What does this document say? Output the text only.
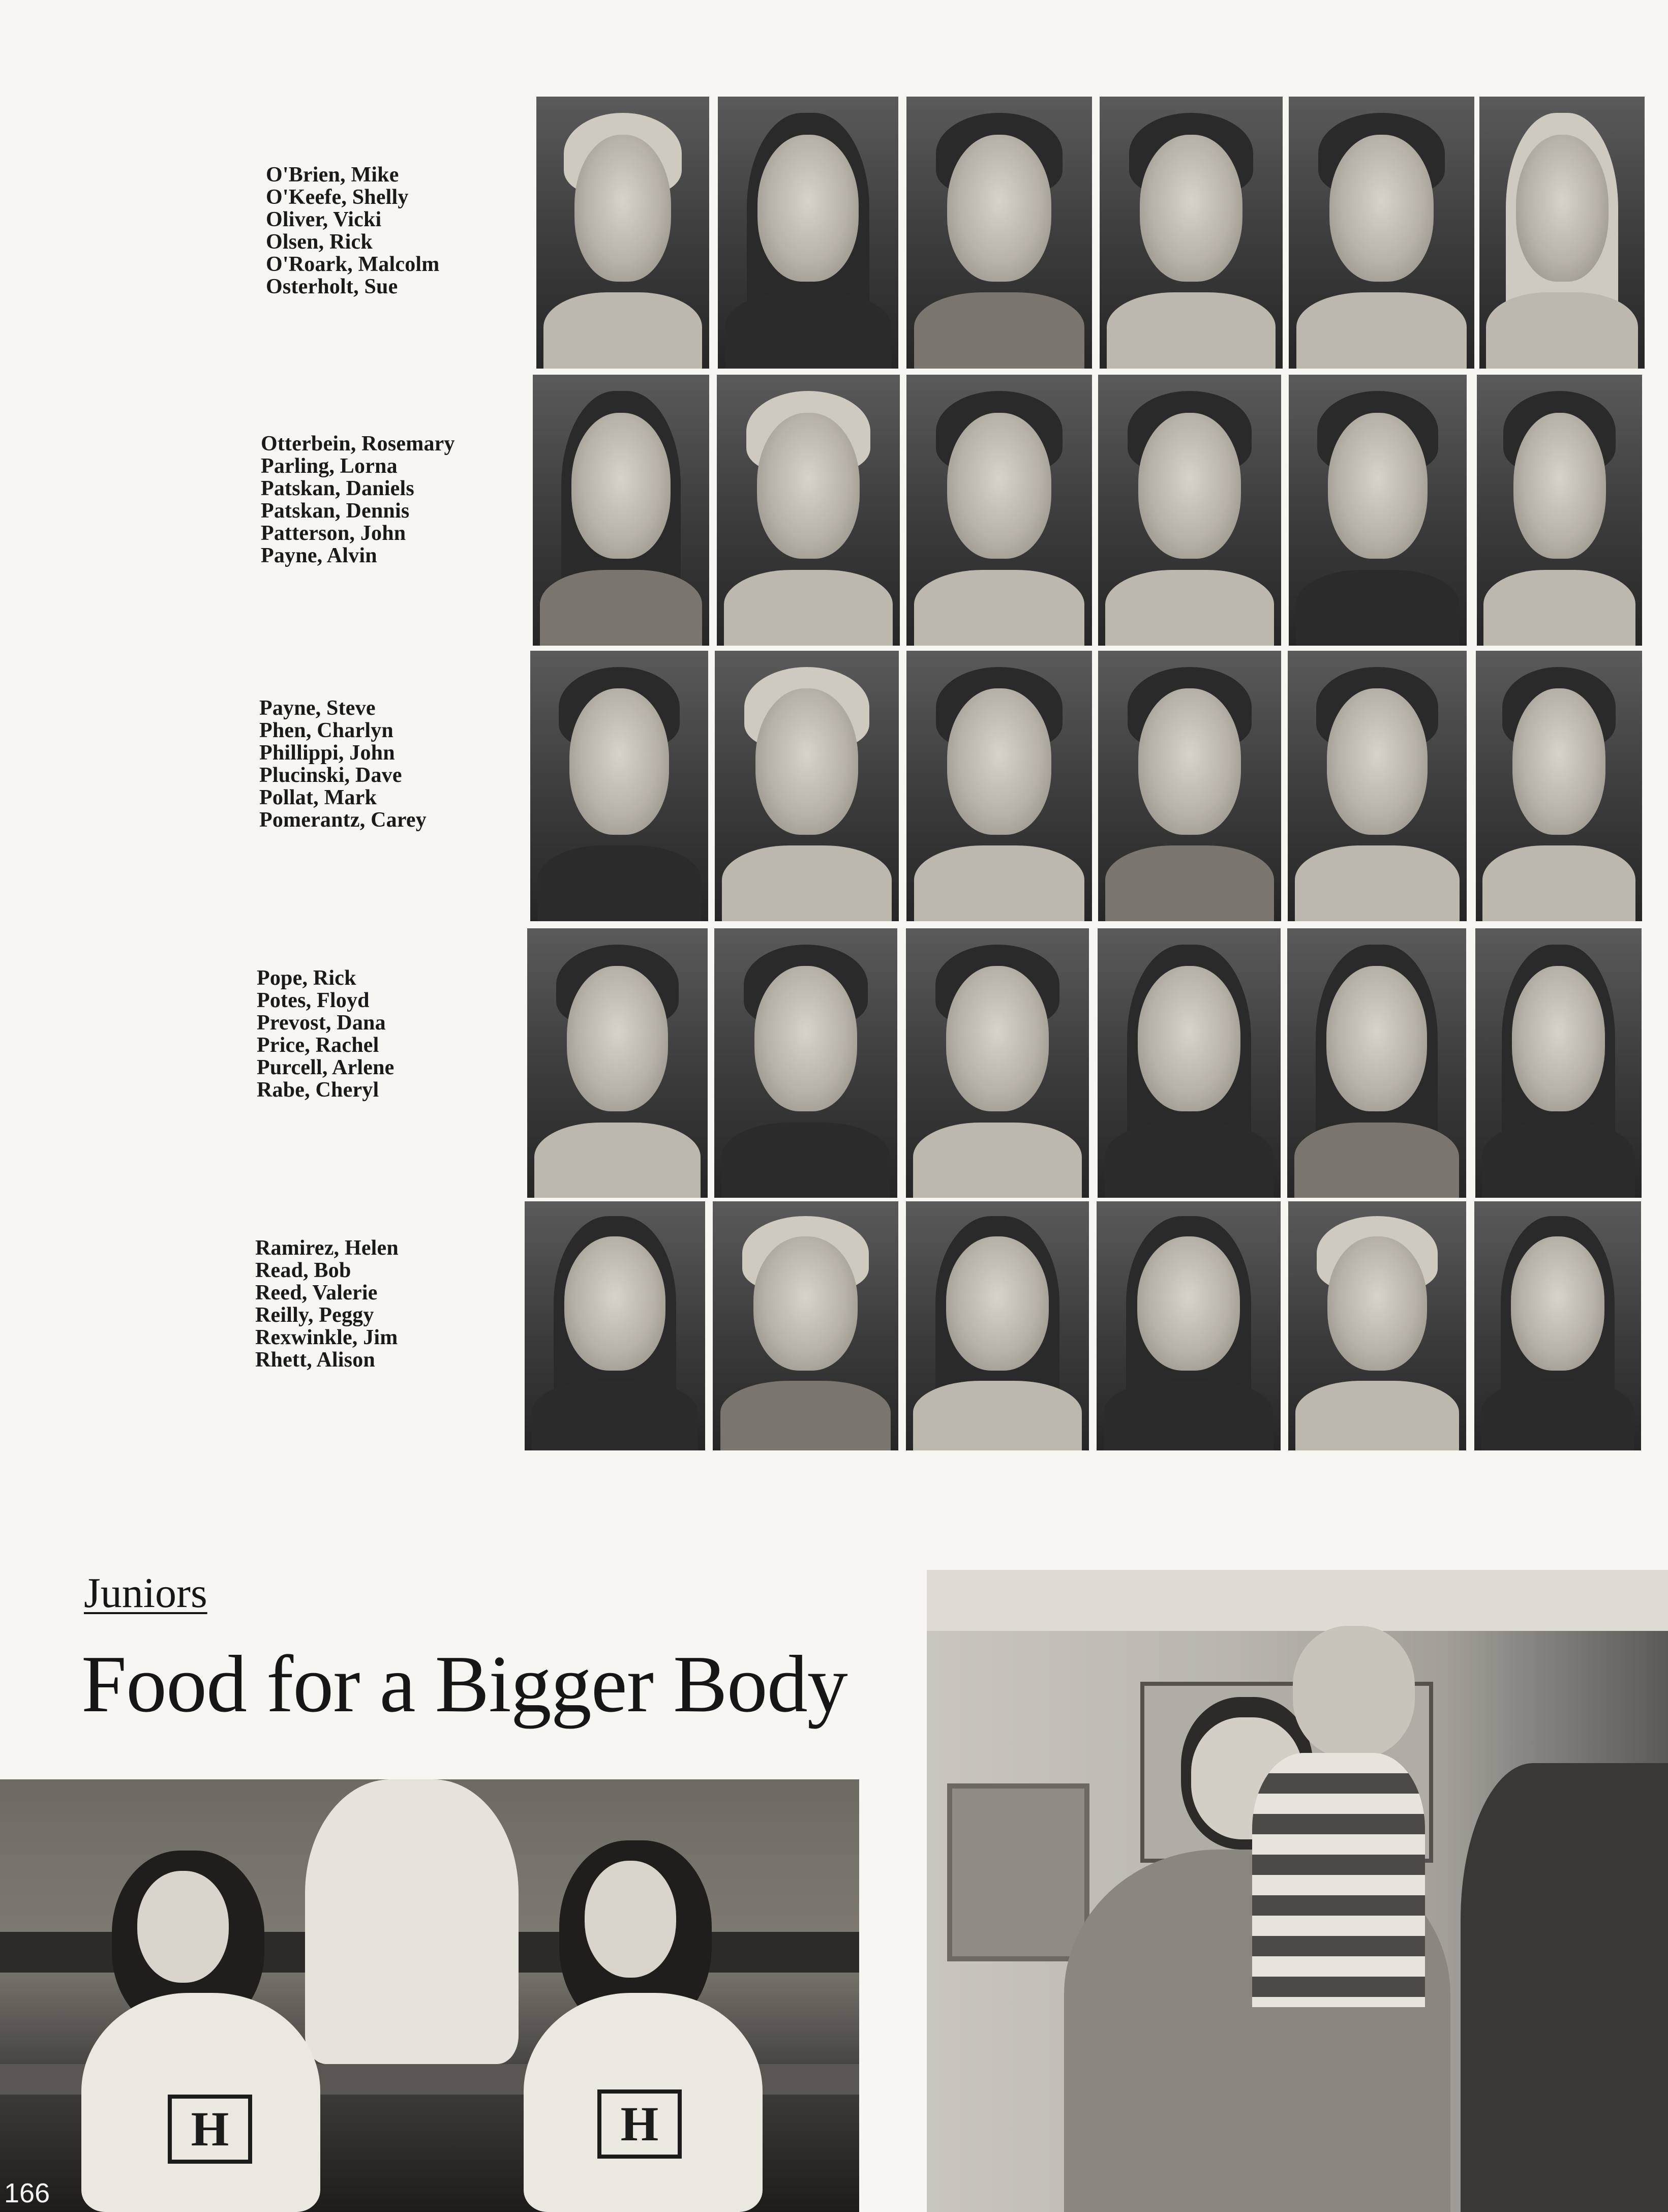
O'Brien, Mike
O'Keefe, Shelly
Oliver, Vicki
Olsen, Rick
O'Roark, Malcolm
Osterholt, Sue
Otterbein, Rosemary
Parling, Lorna
Patskan, Daniels
Patskan, Dennis
Patterson, John
Payne, Alvin
Payne, Steve
Phen, Charlyn
Phillippi, John
Plucinski, Dave
Pollat, Mark
Pomerantz, Carey
Pope, Rick
Potes, Floyd
Prevost, Dana
Price, Rachel
Purcell, Arlene
Rabe, Cheryl
Ramirez, Helen
Read, Bob
Reed, Valerie
Reilly, Peggy
Rexwinkle, Jim
Rhett, Alison
Juniors
Food for a Bigger Body
H	H
166
